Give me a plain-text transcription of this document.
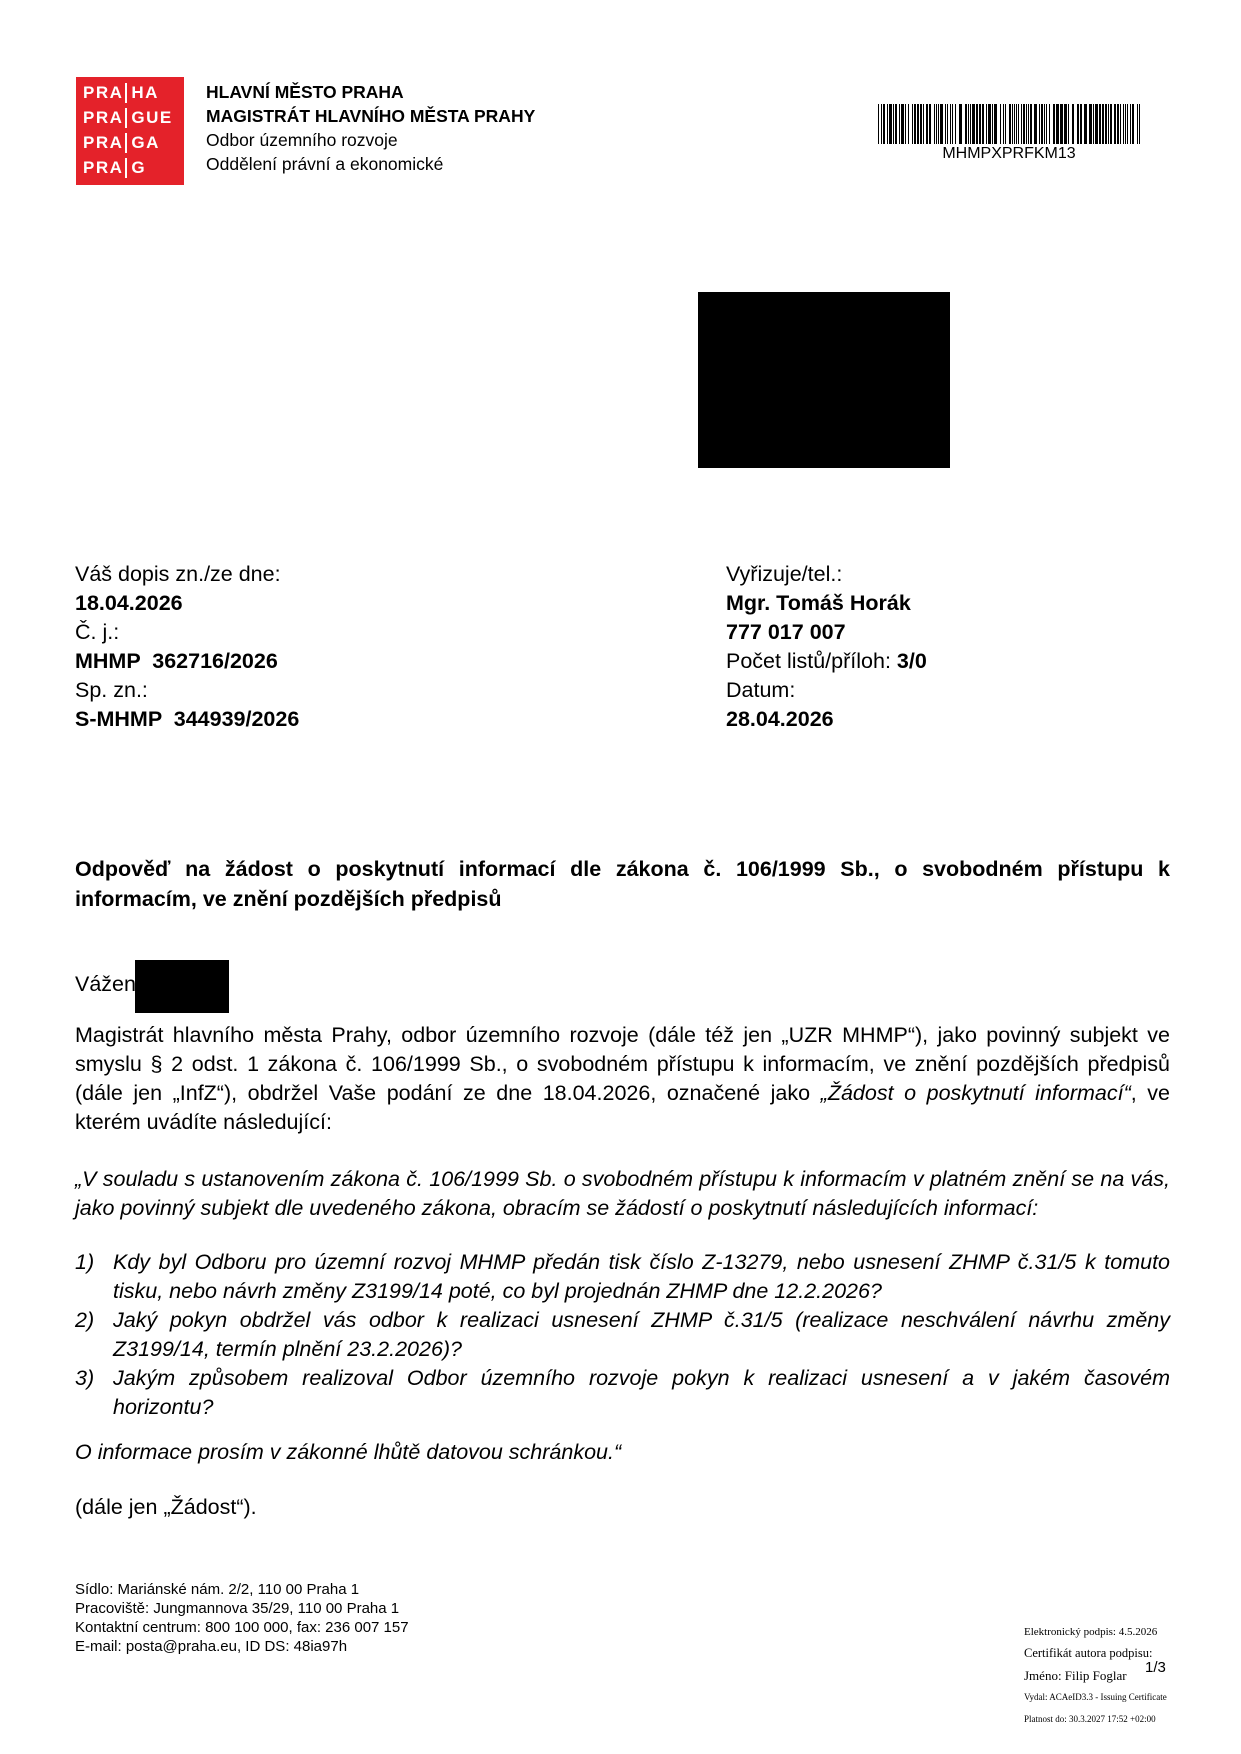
PRA HA
PRA GUE
PRA GA
PRA G
HLAVNÍ MĚSTO PRAHA
MAGISTRÁT HLAVNÍHO MĚSTA PRAHY
Odbor územního rozvoje
Oddělení právní a ekonomické
MHMPXPRFKM13
Váš dopis zn./ze dne:
18.04.2026
Č. j.:
MHMP  362716/2026
Sp. zn.:
S-MHMP  344939/2026
Vyřizuje/tel.:
Mgr. Tomáš Horák
777 017 007
Počet listů/příloh: 3/0
Datum:
28.04.2026
Odpověď na žádost o poskytnutí informací dle zákona č. 106/1999 Sb., o svobodném přístupu k informacím, ve znění pozdějších předpisů
Vážen
Magistrát hlavního města Prahy, odbor územního rozvoje (dále též jen „UZR MHMP“), jako povinný subjekt ve smyslu § 2 odst. 1 zákona č. 106/1999 Sb., o svobodném přístupu k informacím, ve znění pozdějších předpisů (dále jen „InfZ“), obdržel Vaše podání ze dne 18.04.2026, označené jako „Žádost o poskytnutí informací“, ve kterém uvádíte následující:
„V souladu s ustanovením zákona č. 106/1999 Sb. o svobodném přístupu k informacím v platném znění se na vás, jako povinný subjekt dle uvedeného zákona, obracím se žádostí o poskytnutí následujících informací:
1) Kdy byl Odboru pro územní rozvoj MHMP předán tisk číslo Z-13279, nebo usnesení ZHMP č.31/5 k tomuto tisku, nebo návrh změny Z3199/14 poté, co byl projednán ZHMP dne 12.2.2026?
2) Jaký pokyn obdržel vás odbor k realizaci usnesení ZHMP č.31/5 (realizace neschválení návrhu změny Z3199/14, termín plnění 23.2.2026)?
3) Jakým způsobem realizoval Odbor územního rozvoje pokyn k realizaci usnesení a v jakém časovém horizontu?
O informace prosím v zákonné lhůtě datovou schránkou.“
(dále jen „Žádost“).
Sídlo: Mariánské nám. 2/2, 110 00 Praha 1
Pracoviště: Jungmannova 35/29, 110 00 Praha 1
Kontaktní centrum: 800 100 000, fax: 236 007 157
E-mail: posta@praha.eu, ID DS: 48ia97h
Elektronický podpis: 4.5.2026
Certifikát autora podpisu:
1/3
Jméno: Filip Foglar
Vydal: ACAeID3.3 - Issuing Certificate
Platnost do: 30.3.2027 17:52 +02:00
